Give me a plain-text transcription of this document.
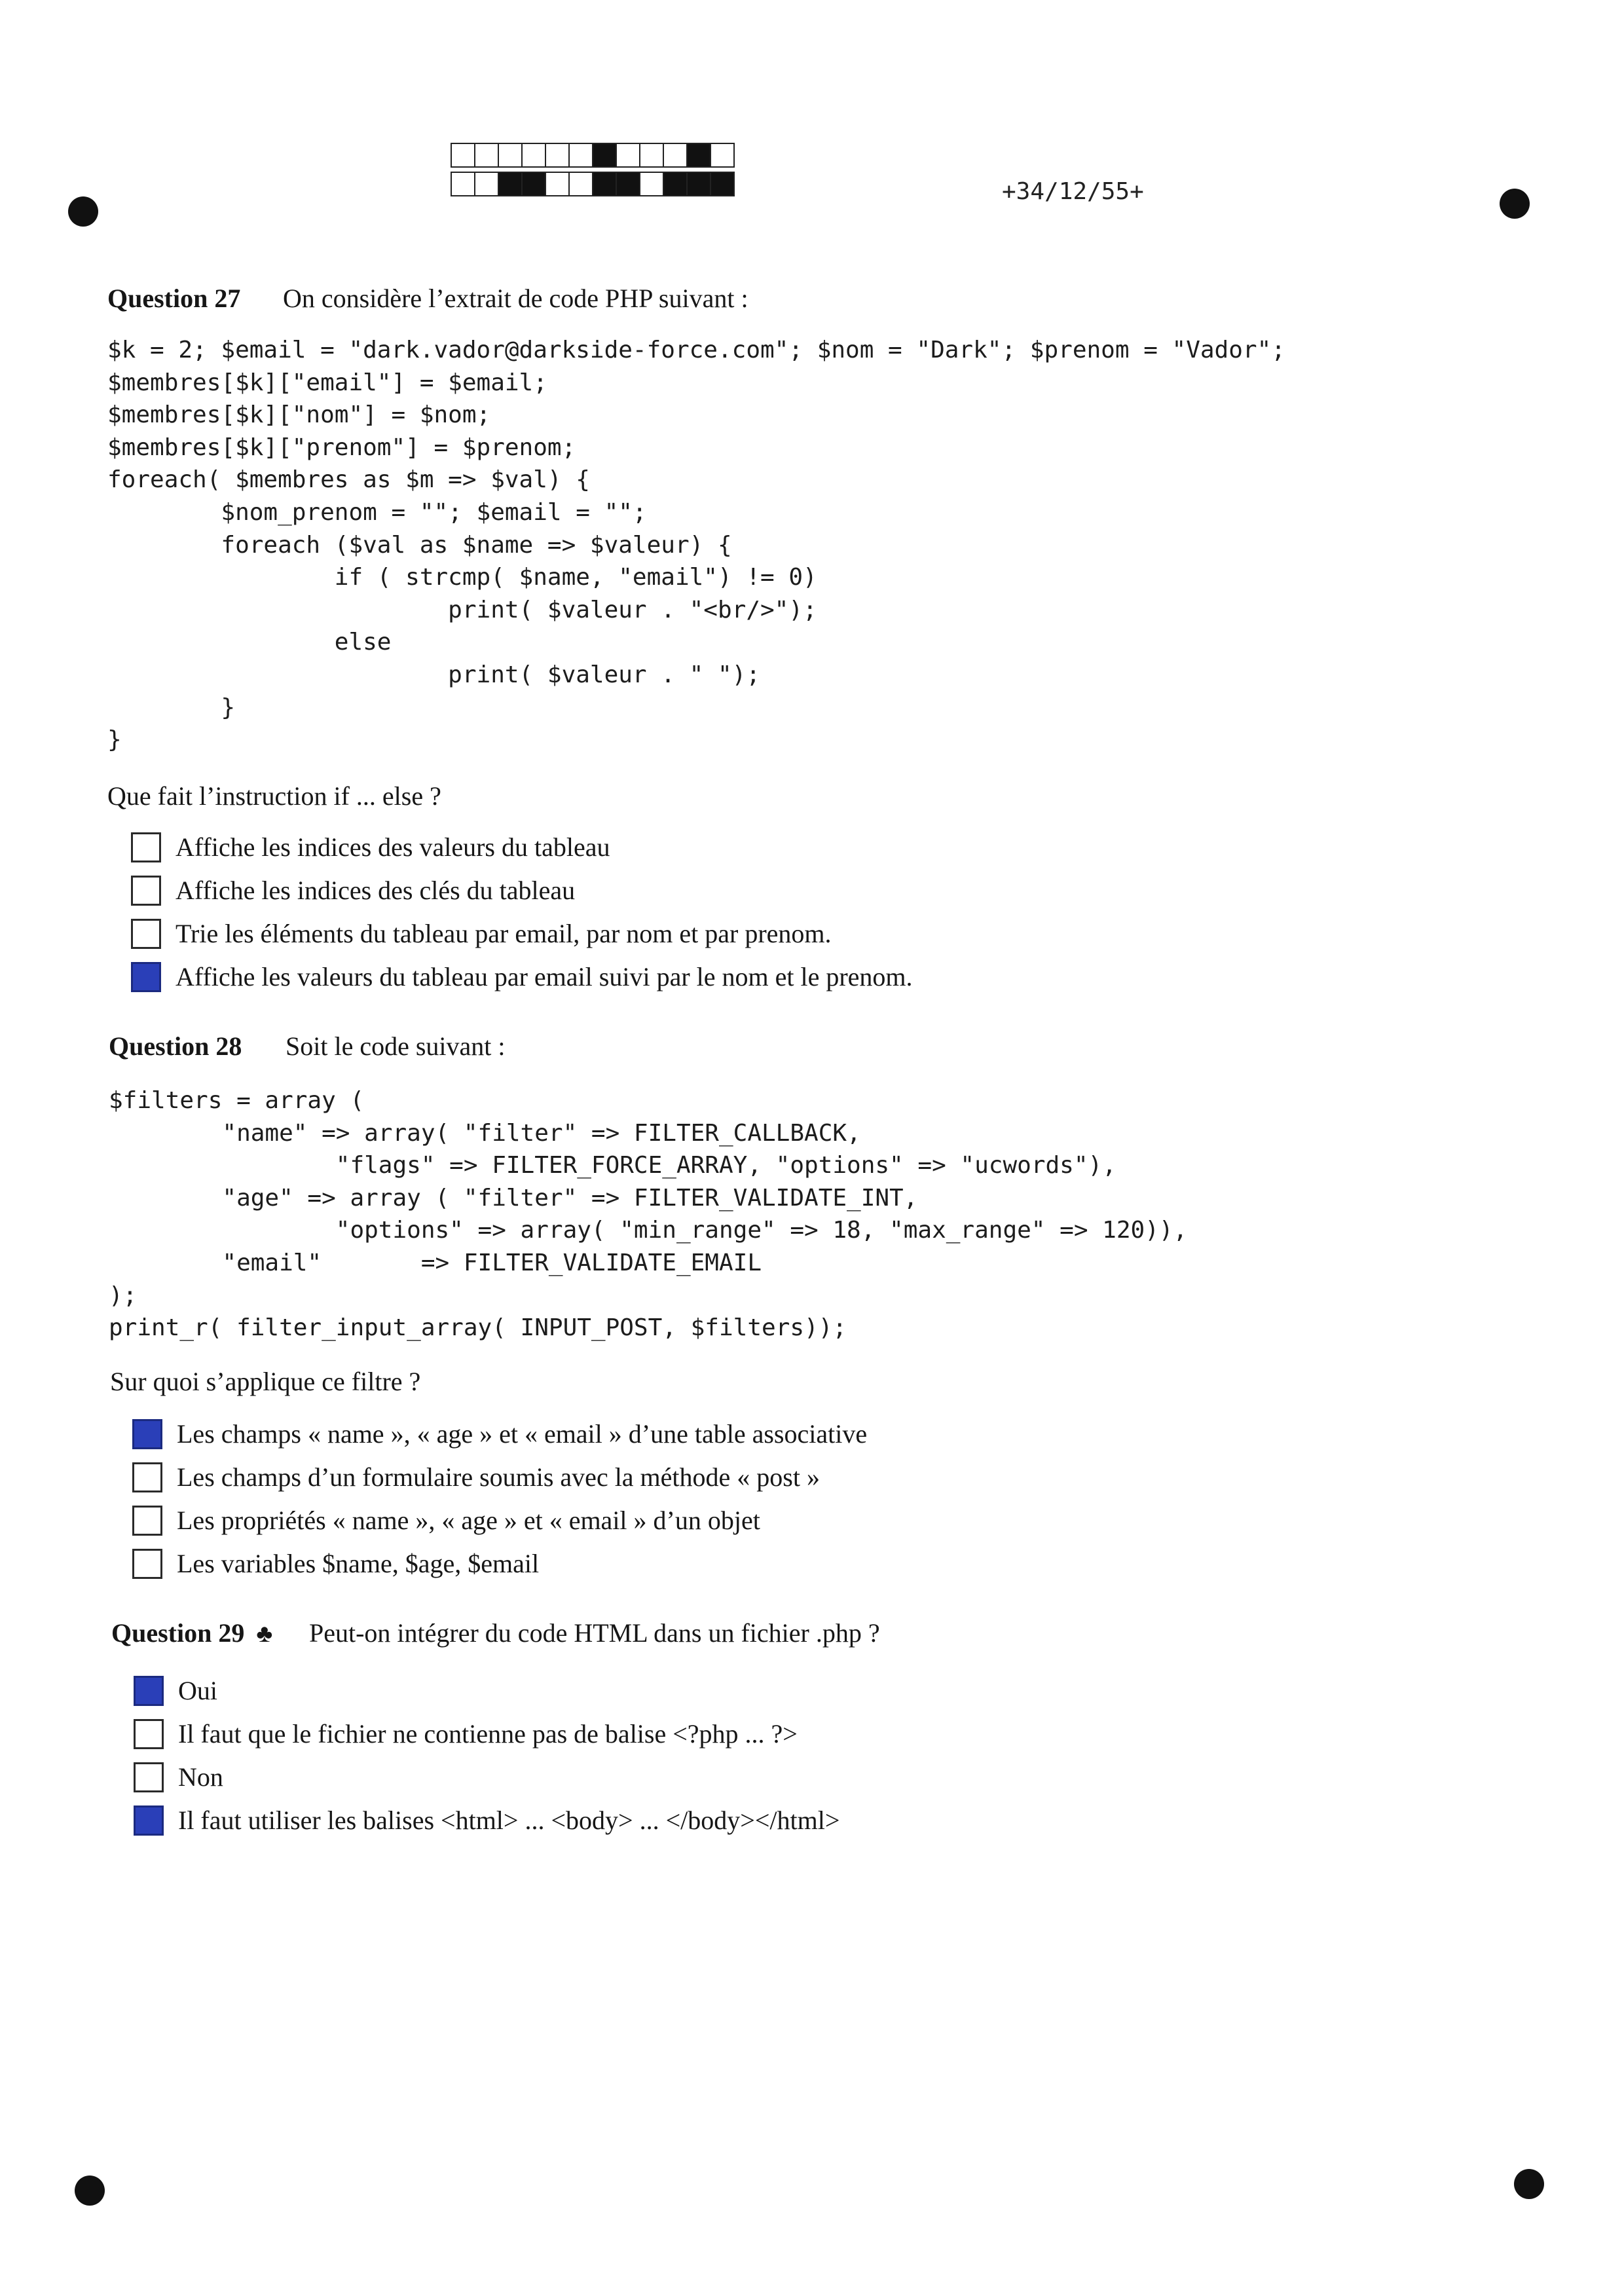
+34/12/55+
Question 27 On considère l’extrait de code PHP suivant :
$k = 2; $email = "dark.vador@darkside-force.com"; $nom = "Dark"; $prenom = "Vador";
$membres[$k]["email"] = $email;
$membres[$k]["nom"] = $nom;
$membres[$k]["prenom"] = $prenom;
foreach( $membres as $m => $val) {
$nom_prenom = ""; $email = "";
foreach ($val as $name => $valeur) {
if ( strcmp( $name, "email") != 0)
print( $valeur . "<br/>");
else
print( $valeur . " ");
}
}
Que fait l’instruction if ... else ?
Affiche les indices des valeurs du tableau
Affiche les indices des clés du tableau
Trie les éléments du tableau par email, par nom et par prenom.
Affiche les valeurs du tableau par email suivi par le nom et le prenom.
Question 28 Soit le code suivant :
$filters = array (
"name" => array( "filter" => FILTER_CALLBACK,
"flags" => FILTER_FORCE_ARRAY, "options" => "ucwords"),
"age" => array ( "filter" => FILTER_VALIDATE_INT,
"options" => array( "min_range" => 18, "max_range" => 120)),
"email"       => FILTER_VALIDATE_EMAIL
);
print_r( filter_input_array( INPUT_POST, $filters));
Sur quoi s’applique ce filtre ?
Les champs « name », « age » et « email » d’une table associative
Les champs d’un formulaire soumis avec la méthode « post »
Les propriétés « name », « age » et « email » d’un objet
Les variables $name, $age, $email
Question 29 ♣ Peut-on intégrer du code HTML dans un fichier .php ?
Oui
Il faut que le fichier ne contienne pas de balise <?php ... ?>
Non
Il faut utiliser les balises <html> ... <body> ... </body></html>
